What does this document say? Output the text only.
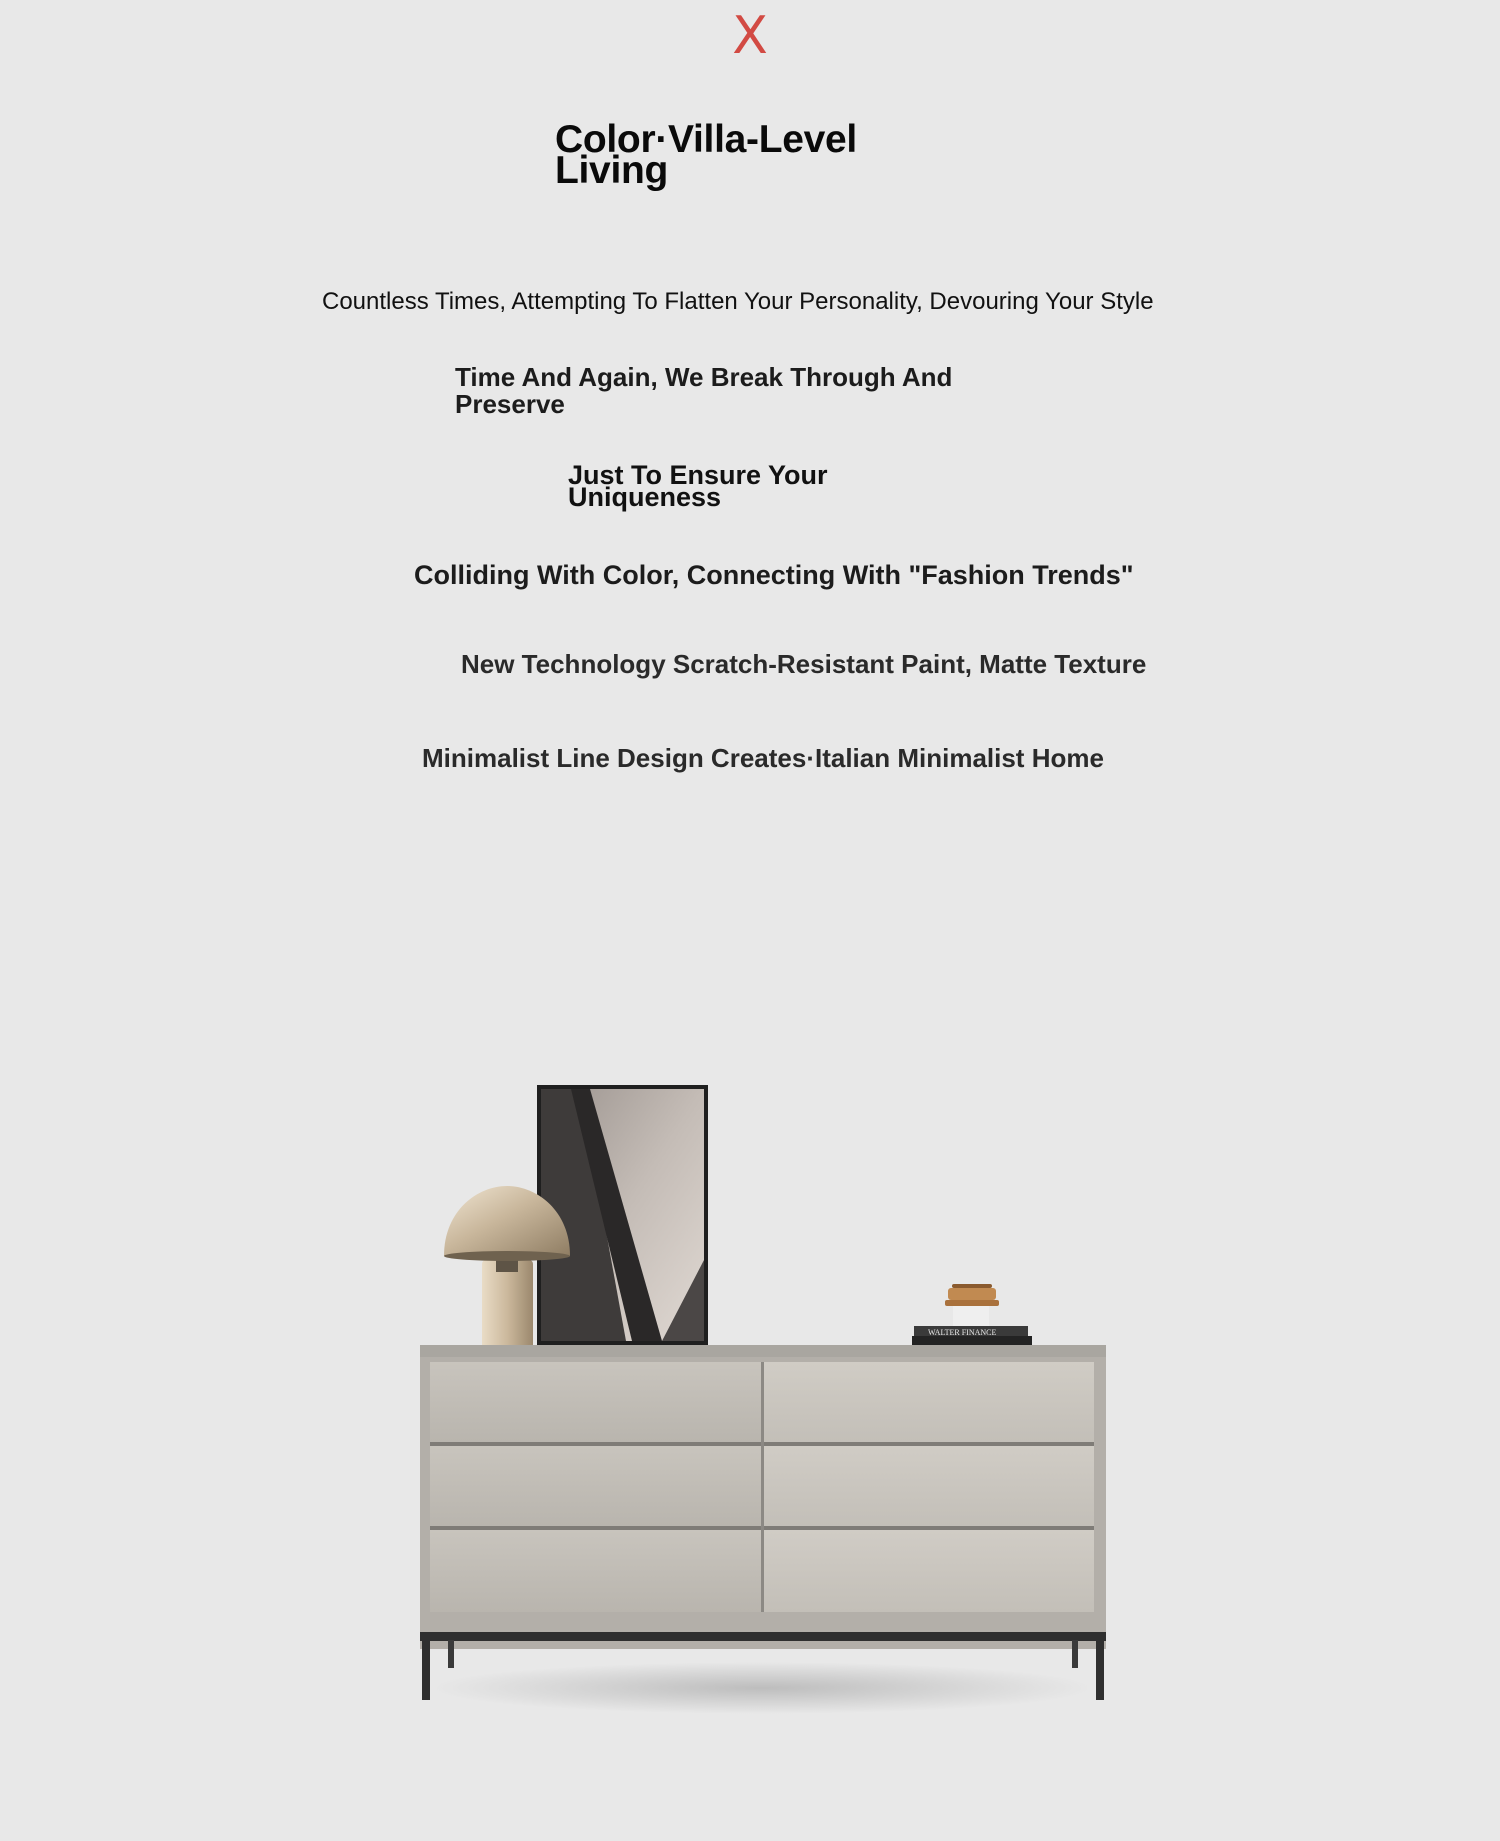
X
Color·Villa-Level Living
Countless Times, Attempting To Flatten Your Personality, Devouring Your Style
Time And Again, We Break Through And Preserve
Just To Ensure Your Uniqueness
Colliding With Color, Connecting With "Fashion Trends"
New Technology Scratch-Resistant Paint, Matte Texture
Minimalist Line Design Creates·Italian Minimalist Home
WALTER FINANCE
